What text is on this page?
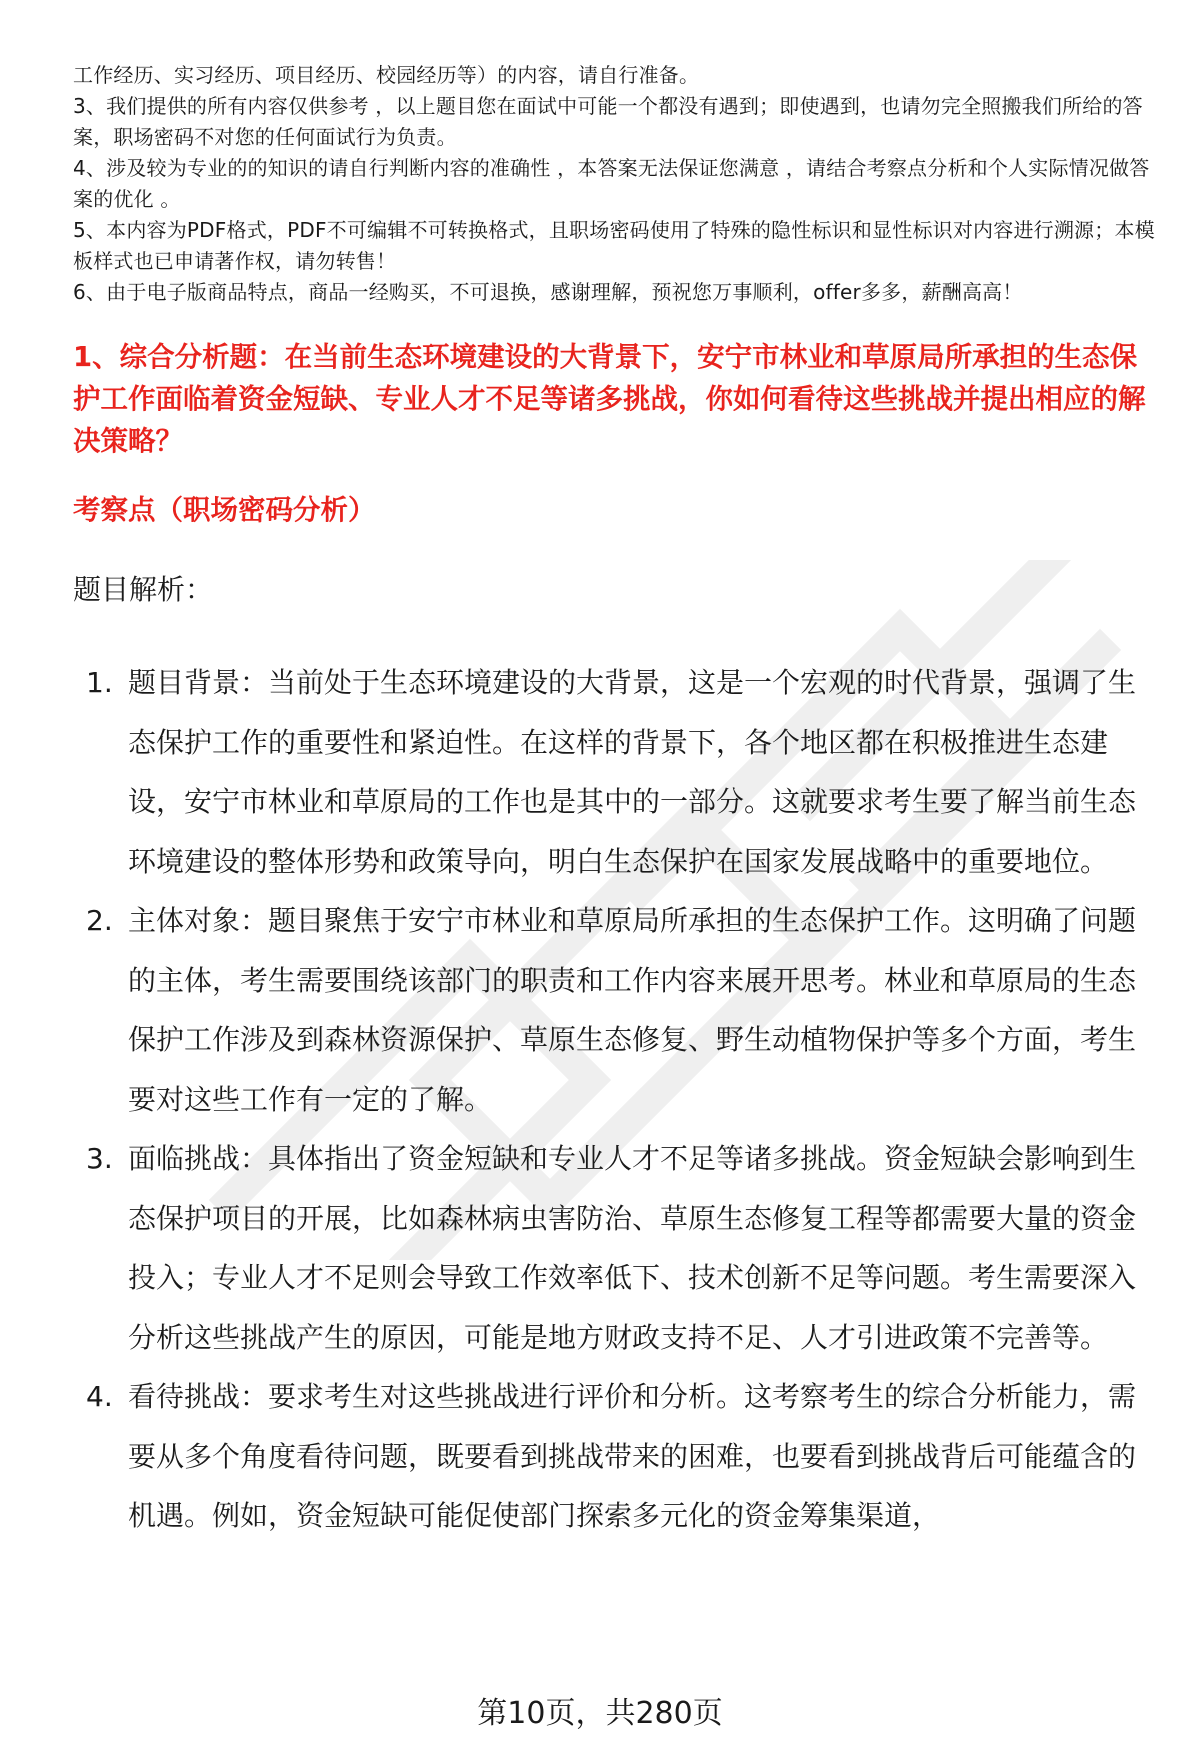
工作经历、实习经历、项目经历、校园经历等）的内容，请自行准备。

3、我们提供的所有内容仅供参考 ，以上题目您在面试中可能一个都没有遇到；即使遇到，也请勿完全照搬我们所给的答案，职场密码不对您的任何面试行为负责。

4、涉及较为专业的的知识的请自行判断内容的准确性 ，本答案无法保证您满意 ，请结合考察点分析和个人实际情况做答案的优化 。

5、本内容为PDF格式，PDF不可编辑不可转换格式，且职场密码使用了特殊的隐性标识和显性标识对内容进行溯源；本模板样式也已申请著作权，请勿转售！

6、由于电子版商品特点，商品一经购买，不可退换，感谢理解，预祝您万事顺利，offer多多，薪酬高高！

1、综合分析题：在当前生态环境建设的大背景下，安宁市林业和草原局所承担的生态保护工作面临着资金短缺、专业人才不足等诸多挑战，你如何看待这些挑战并提出相应的解决策略？
考察点（职场密码分析）

题目解析：

1. 题目背景：当前处于生态环境建设的大背景，这是一个宏观的时代背景，强调了生态保护工作的重要性和紧迫性。在这样的背景下，各个地区都在积极推进生态建设，安宁市林业和草原局的工作也是其中的一部分。这就要求考生要了解当前生态环境建设的整体形势和政策导向，明白生态保护在国家发展战略中的重要地位。
2. 主体对象：题目聚焦于安宁市林业和草原局所承担的生态保护工作。这明确了问题的主体，考生需要围绕该部门的职责和工作内容来展开思考。林业和草原局的生态保护工作涉及到森林资源保护、草原生态修复、野生动植物保护等多个方面，考生要对这些工作有一定的了解。
3. 面临挑战：具体指出了资金短缺和专业人才不足等诸多挑战。资金短缺会影响到生态保护项目的开展，比如森林病虫害防治、草原生态修复工程等都需要大量的资金投入；专业人才不足则会导致工作效率低下、技术创新不足等问题。考生需要深入分析这些挑战产生的原因，可能是地方财政支持不足、人才引进政策不完善等。
4. 看待挑战：要求考生对这些挑战进行评价和分析。这考察考生的综合分析能力，需要从多个角度看待问题，既要看到挑战带来的困难，也要看到挑战背后可能蕴含的机遇。例如，资金短缺可能促使部门探索多元化的资金筹集渠道，
第10页，共280页
